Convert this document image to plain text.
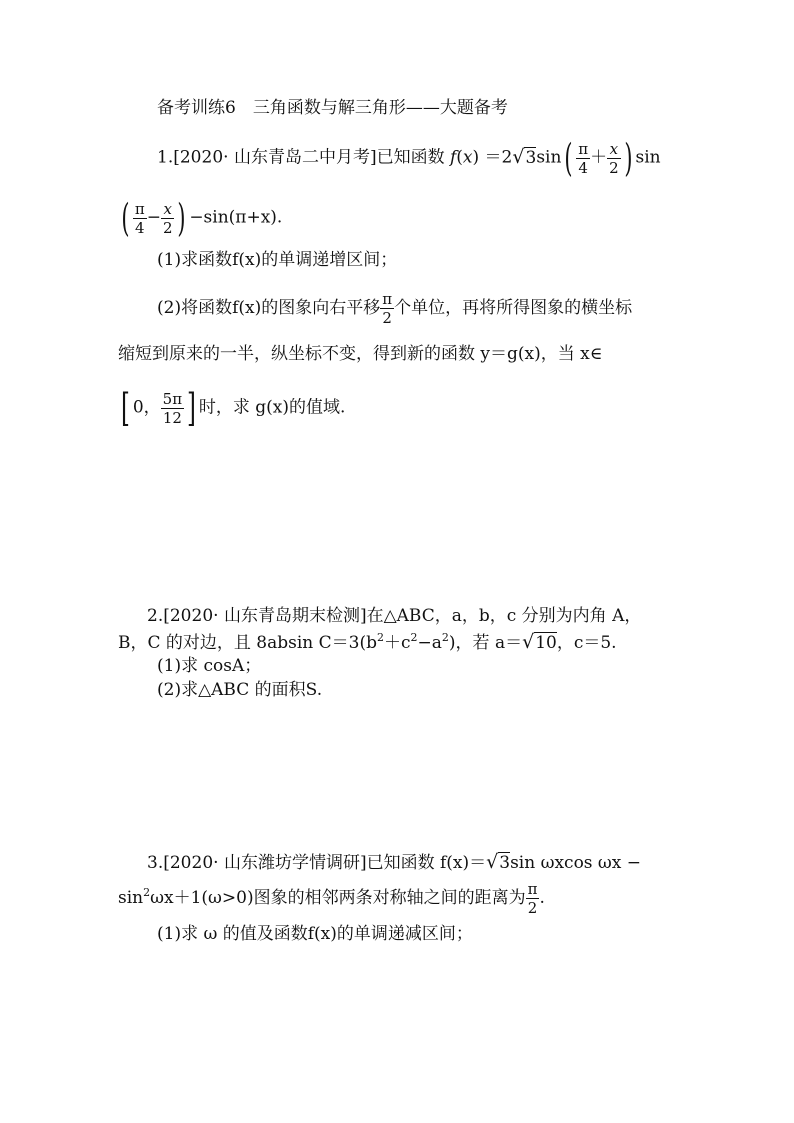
备考训练6　三角函数与解三角形——大题备考
1.[2020· 山东青岛二中月考]已知函数 $f(x) =2√3\sin( \frac{\pi}{4} + \frac{x}{2}$ ) sin
( $\frac{\pi}{4} - \frac{x}{2}$ ) −sin(π+x).
(1)求函数f(x)的单调递增区间；
(2)将函数f(x)的图象向右平移 $\frac{\pi}{2}$ 个单位，再将所得图象的横坐标
缩短到原来的一半，纵坐标不变，得到新的函数 y＝g(x)，当 x∈
[ 0， $\frac{5\pi}{12}$ ] 时，求 g(x)的值域.
2.[2020· 山东青岛期末检测]在△ABC，a，b，c 分别为内角 A，
B，C 的对边，且 8absin $C=3(b^2+c^2-a^2)$，若 a＝√10，c＝5.
(1)求 cosA；
(2)求△ABC 的面积S.
3.[2020· 山东潍坊学情调研]已知函数 f(x)＝√3sin ωxcos ωx −
$\sin^2\omega x+1(\omega>0)$图象的相邻两条对称轴之间的距离为 $\frac{\pi}{2}$ .
(1)求 ω 的值及函数f(x)的单调递减区间；
